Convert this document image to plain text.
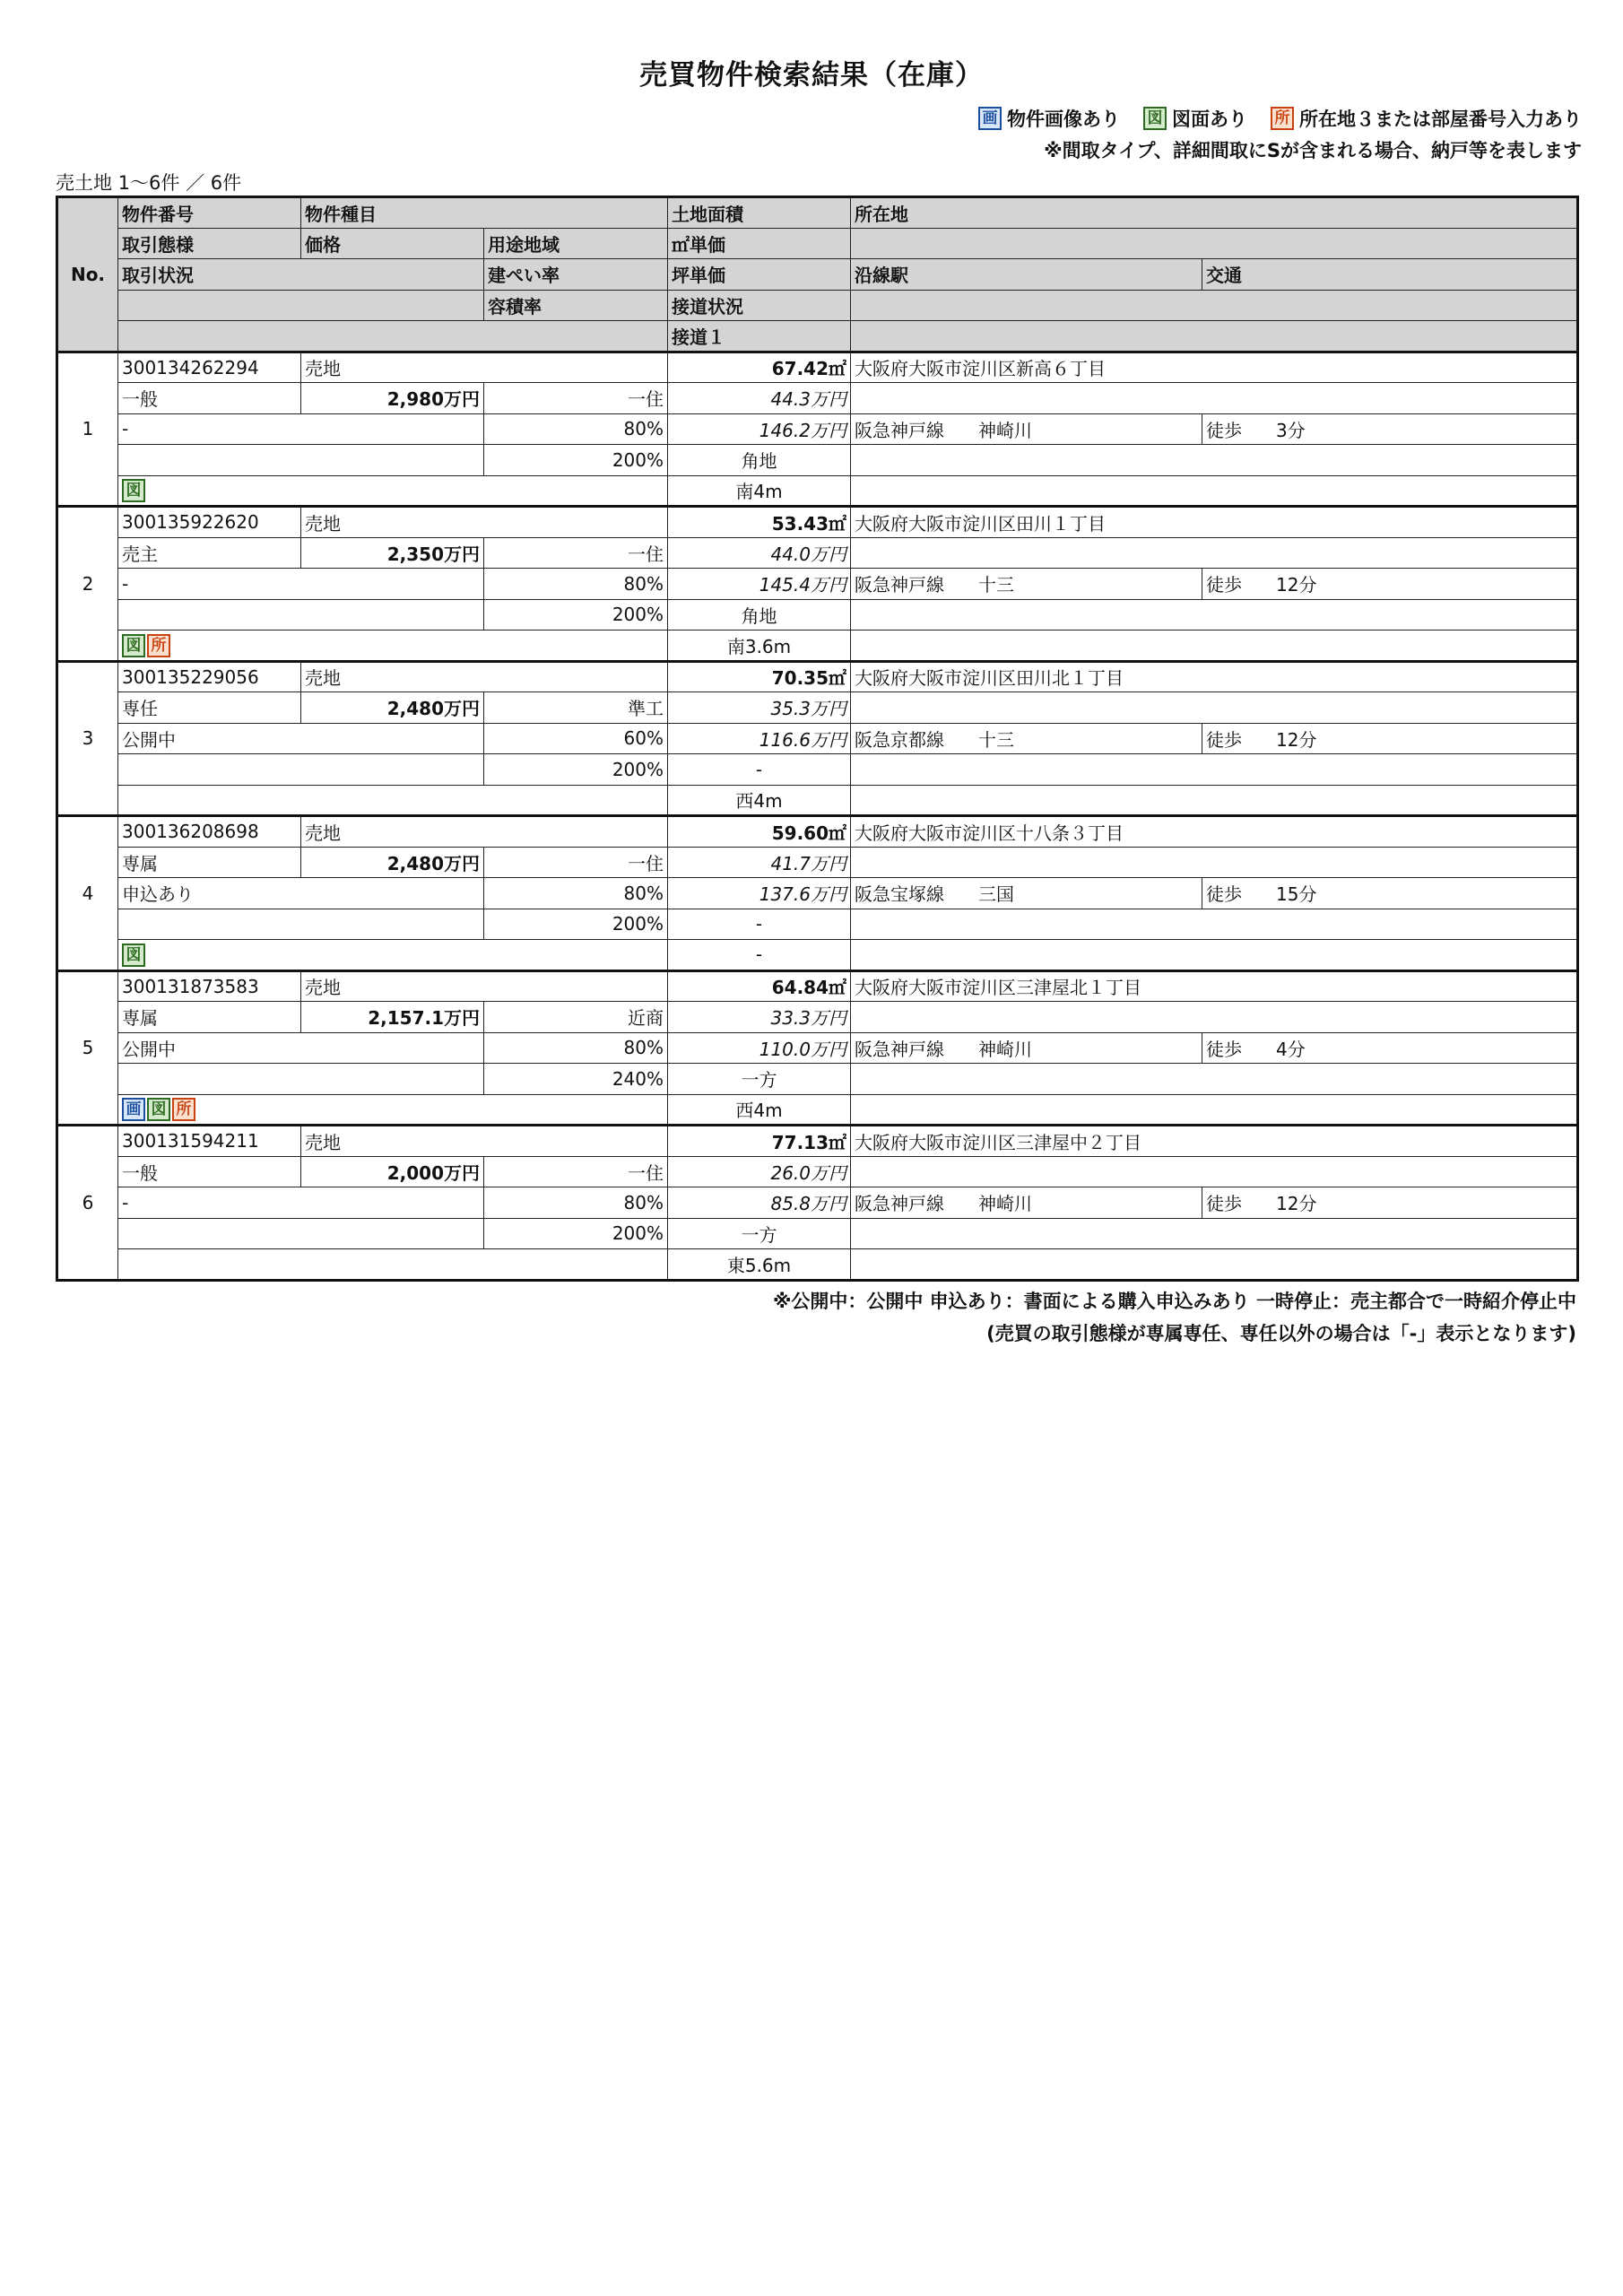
売買物件検索結果（在庫）
画 物件画像あり 図 図面あり 所 所在地３または部屋番号入力あり
※間取タイプ、詳細間取にSが含まれる場合、納戸等を表します
売土地 1〜6件 ／ 6件
No.	物件番号	物件種目		土地面積	所在地	
	取引態様	価格	用途地域	㎡単価		
	取引状況		建ぺい率	坪単価	沿線駅	交通
			容積率	接道状況		
				接道１		
1	300134262294	売地		67.42㎡	大阪府大阪市淀川区新高６丁目	
	一般	2,980万円	一住	44.3万円		
	-		80%	146.2万円	阪急神戸線 神崎川	徒歩 3分
			200%	角地		
	図			南4m		
2	300135922620	売地		53.43㎡	大阪府大阪市淀川区田川１丁目	
	売主	2,350万円	一住	44.0万円		
	-		80%	145.4万円	阪急神戸線 十三	徒歩 12分
			200%	角地		
	図 所			南3.6m		
3	300135229056	売地		70.35㎡	大阪府大阪市淀川区田川北１丁目	
	専任	2,480万円	準工	35.3万円		
	公開中		60%	116.6万円	阪急京都線 十三	徒歩 12分
			200%	-		
				西4m		
4	300136208698	売地		59.60㎡	大阪府大阪市淀川区十八条３丁目	
	専属	2,480万円	一住	41.7万円		
	申込あり		80%	137.6万円	阪急宝塚線 三国	徒歩 15分
			200%	-		
	図			-		
5	300131873583	売地		64.84㎡	大阪府大阪市淀川区三津屋北１丁目	
	専属	2,157.1万円	近商	33.3万円		
	公開中		80%	110.0万円	阪急神戸線 神崎川	徒歩 4分
			240%	一方		
	画 図 所			西4m		
6	300131594211	売地		77.13㎡	大阪府大阪市淀川区三津屋中２丁目	
	一般	2,000万円	一住	26.0万円		
	-		80%	85.8万円	阪急神戸線 神崎川	徒歩 12分
			200%	一方		
				東5.6m		
※公開中：公開中 申込あり：書面による購入申込みあり 一時停止：売主都合で一時紹介停止中
(売買の取引態様が専属専任、専任以外の場合は「-」表示となります)
